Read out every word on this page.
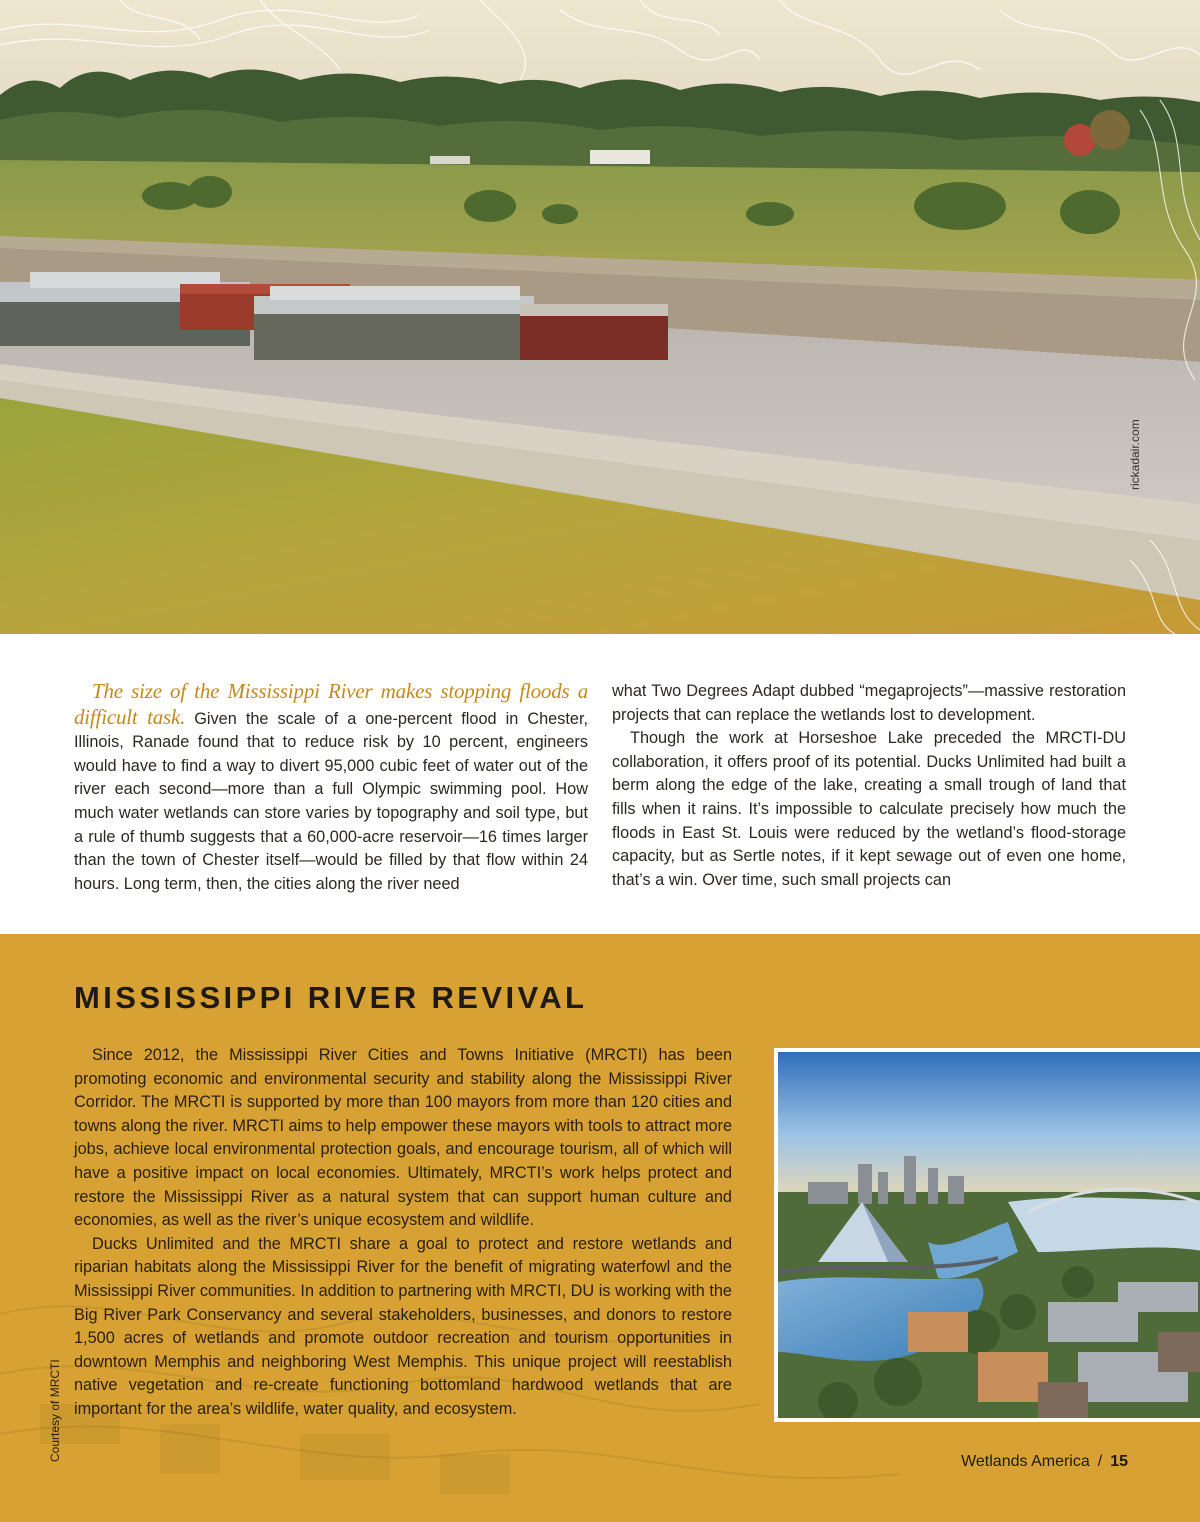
The size of the Mississippi River makes stopping floods a difficult task. Given the scale of a one-percent flood in Chester, Illinois, Ranade found that to reduce risk by 10 percent, engineers would have to find a way to divert 95,000 cubic feet of water out of the river each second—more than a full Olympic swimming pool. How much water wetlands can store varies by topography and soil type, but a rule of thumb suggests that a 60,000-acre reservoir—16 times larger than the town of Chester itself—would be filled by that flow within 24 hours. Long term, then, the cities along the river need

what Two Degrees Adapt dubbed “megaprojects”—massive restoration projects that can replace the wetlands lost to development.

Though the work at Horseshoe Lake preceded the MRCTI-DU collaboration, it offers proof of its potential. Ducks Unlimited had built a berm along the edge of the lake, creating a small trough of land that fills when it rains. It’s impossible to calculate precisely how much the floods in East St. Louis were reduced by the wetland’s flood-storage capacity, but as Sertle notes, if it kept sewage out of even one home, that’s a win. Over time, such small projects can

MISSISSIPPI RIVER REVIVAL

Since 2012, the Mississippi River Cities and Towns Initiative (MRCTI) has been promoting economic and environmental security and stability along the Mississippi River Corridor. The MRCTI is supported by more than 100 mayors from more than 120 cities and towns along the river. MRCTI aims to help empower these mayors with tools to attract more jobs, achieve local environmental protection goals, and encourage tourism, all of which will have a positive impact on local economies. Ultimately, MRCTI’s work helps protect and restore the Mississippi River as a natural system that can support human culture and economies, as well as the river’s unique ecosystem and wildlife.

Ducks Unlimited and the MRCTI share a goal to protect and restore wetlands and riparian habitats along the Mississippi River for the benefit of migrating waterfowl and the Mississippi River communities. In addition to partnering with MRCTI, DU is working with the Big River Park Conservancy and several stakeholders, businesses, and donors to restore 1,500 acres of wetlands and promote outdoor recreation and tourism opportunities in downtown Memphis and neighboring West Memphis. This unique project will reestablish native vegetation and re-create functioning bottomland hardwood wetlands that are important for the area’s wildlife, water quality, and ecosystem.

Courtesy of MRCTI	Wetlands America / 15
